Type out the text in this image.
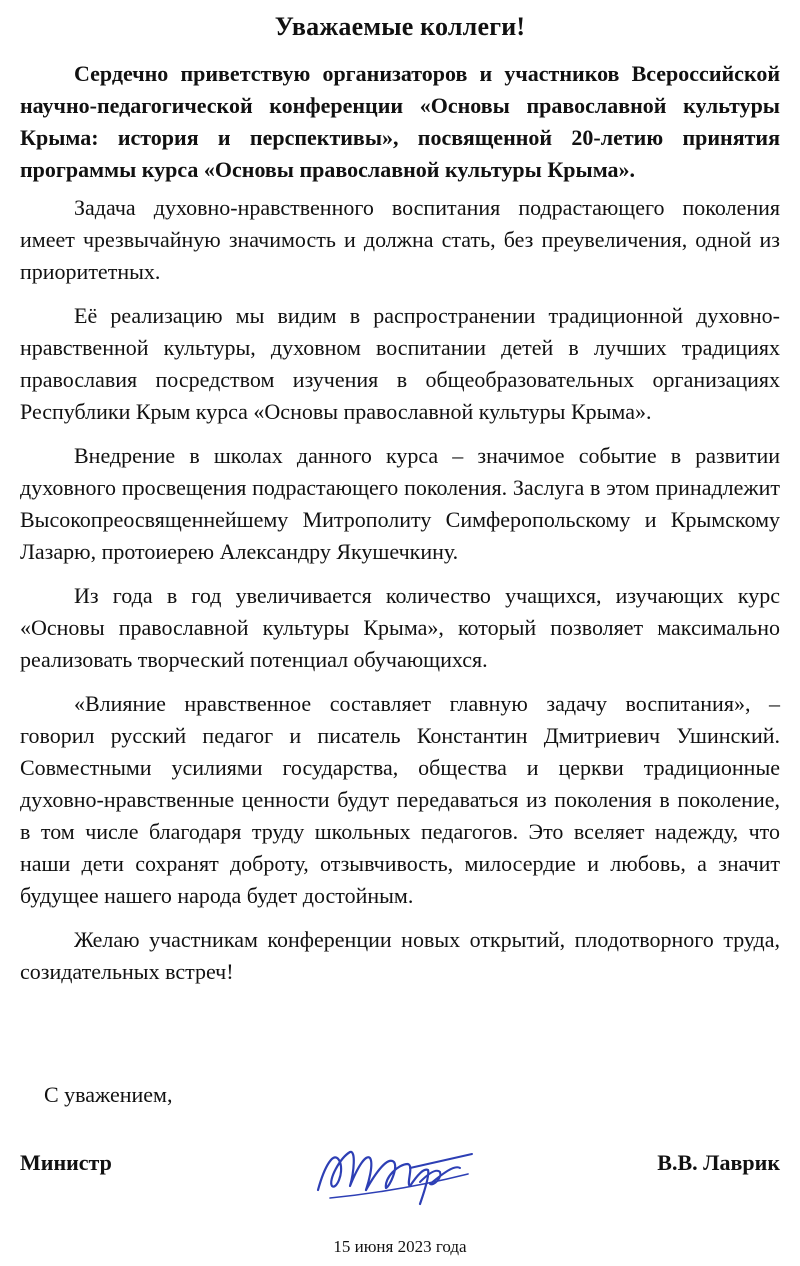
Уважаемые коллеги!

Сердечно приветствую организаторов и участников Всероссийской научно-педагогической конференции «Основы православной культуры Крыма: история и перспективы», посвященной 20-летию принятия программы курса «Основы православной культуры Крыма».

Задача духовно-нравственного воспитания подрастающего поколения имеет чрезвычайную значимость и должна стать, без преувеличения, одной из приоритетных.

Её реализацию мы видим в распространении традиционной духовно-нравственной культуры, духовном воспитании детей в лучших традициях православия посредством изучения в общеобразовательных организациях Республики Крым курса «Основы православной культуры Крыма».

Внедрение в школах данного курса – значимое событие в развитии духовного просвещения подрастающего поколения. Заслуга в этом принадлежит Высокопреосвященнейшему Митрополиту Симферопольскому и Крымскому Лазарю, протоиерею Александру Якушечкину.

Из года в год увеличивается количество учащихся, изучающих курс «Основы православной культуры Крыма», который позволяет максимально реализовать творческий потенциал обучающихся.

«Влияние нравственное составляет главную задачу воспитания», – говорил русский педагог и писатель Константин Дмитриевич Ушинский. Совместными усилиями государства, общества и церкви традиционные духовно-нравственные ценности будут передаваться из поколения в поколение, в том числе благодаря труду школьных педагогов. Это вселяет надежду, что наши дети сохранят доброту, отзывчивость, милосердие и любовь, а значит будущее нашего народа будет достойным.

Желаю участникам конференции новых открытий, плодотворного труда, созидательных встреч!

С уважением,
Министр	В.В. Лаврик
15 июня 2023 года
